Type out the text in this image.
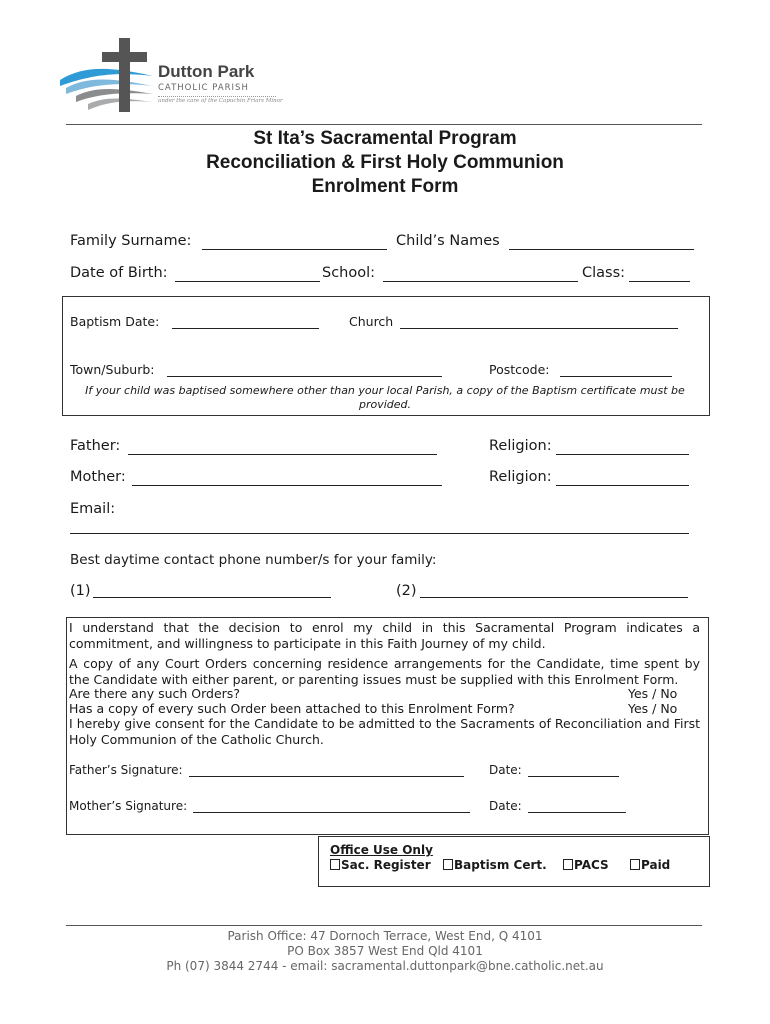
Dutton Park
CATHOLIC PARISH
under the care of the Capuchin Friars Minor
St Ita’s Sacramental Program
Reconciliation & First Holy Communion
Enrolment Form
Family Surname:	Child’s Names
Date of Birth:	School:	Class:
Baptism Date:	Church
Town/Suburb:	Postcode:
If your child was baptised somewhere other than your local Parish, a copy of the Baptism certificate must be provided.
Father:	Religion:
Mother:	Religion:
Email:
Best daytime contact phone number/s for your family:
(1)	(2)
I understand that the decision to enrol my child in this Sacramental Program indicates a commitment, and willingness to participate in this Faith Journey of my child.
A copy of any Court Orders concerning residence arrangements for the Candidate, time spent by the Candidate with either parent, or parenting issues must be supplied with this Enrolment Form.
Are there any such Orders?	Yes / No
Has a copy of every such Order been attached to this Enrolment Form?	Yes / No
I hereby give consent for the Candidate to be admitted to the Sacraments of Reconciliation and First Holy Communion of the Catholic Church.
Father’s Signature:	Date:
Mother’s Signature:	Date:
Office Use Only
Sac. Register	Baptism Cert.	PACS	Paid
Parish Office: 47 Dornoch Terrace, West End, Q 4101
PO Box 3857 West End Qld 4101
Ph (07) 3844 2744 - email: sacramental.duttonpark@bne.catholic.net.au
